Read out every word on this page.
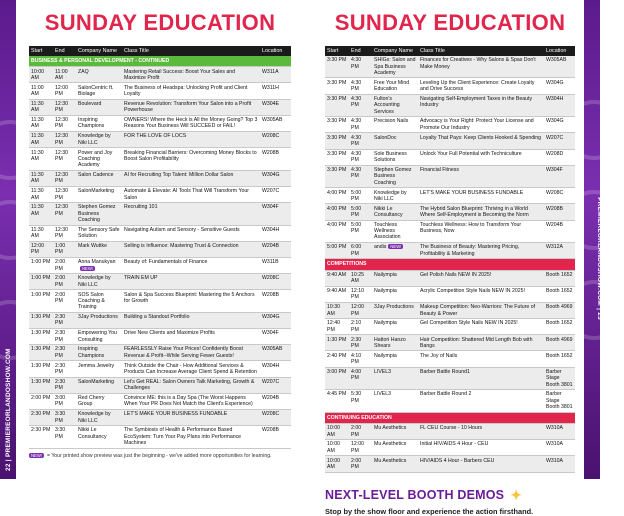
22 | PREMIEREORLANDOSHOW.COM
PREMIEREORLANDOSHOW.COM | 23
SUNDAY EDUCATION
Start	End	Company Name	Class Title	Location
BUSINESS & PERSONAL DEVELOPMENT - CONTINUED				
10:00 AM	11:00 AM	ZAQ	Mastering Retail Success: Boost Your Sales and Maximize Profit	W311A
11:00 AM	12:00 PM	SalonCentric ft. Biolage	The Business of Headspa: Unlocking Profit and Client Loyalty	W311H
11:30 AM	12:30 PM	Boulevard	Revenue Revolution: Transform Your Salon into a Profit Powerhouse	W304E
11:30 AM	12:30 PM	Inspiring Champions	OWNERS! Where the Heck is All the Money Going? Top 3 Reasons Your Business Will SUCCEED or FAIL!	W305AB
11:30 AM	12:30 PM	Knowledge by Niki LLC	FOR THE LOVE OF LOCS	W208C
11:30 AM	12:30 PM	Power and Joy Coaching Academy	Breaking Financial Barriers: Overcoming Money Blocks to Boost Salon Profitability	W208B
11:30 AM	12:30 PM	Salon Cadence	AI for Recruiting Top Talent: Million Dollar Salon	W304G
11:30 AM	12:30 PM	SalonMarketing	Automate & Elevate: AI Tools That Will Transform Your Salon	W207C
11:30 AM	12:30 PM	Stephen Gomez Business Coaching	Recruiting 101	W304F
11:30 AM	12:30 PM	The Sensory Safe Solution	Navigating Autism and Sensory - Sensitive Guests	W304H
12:00 PM	1:00 PM	Mark Wuttke	Selling is Influence: Mastering Trust & Connection	W204B
1:00 PM	2:00 PM	Anna ManukyanNEW!	Beauty of: Fundamentals of Finance	W311B
1:00 PM	2:00 PM	Knowledge by Niki LLC	TRAIN EM UP	W208C
1:00 PM	2:00 PM	SOS Salon Coaching & Training	Salon & Spa Success Blueprint: Mastering the 5 Anchors for Growth	W208B
1:30 PM	2:30 PM	3Jay Productions	Building a Standout Portfolio	W304G
1:30 PM	2:30 PM	Empowering You Consulting	Drive New Clients and Maximize Profits	W304F
1:30 PM	2:30 PM	Inspiring Champions	FEARLESSLY Raise Your Prices! Confidently Boost Revenue & Profit--While Serving Fewer Guests!	W305AB
1:30 PM	2:30 PM	Jemma Jewelry	Think Outside the Chair - How Additional Services & Products Can Increase Average Client Spend & Retention	W304H
1:30 PM	2:30 PM	SalonMarketing	Let's Get REAL: Salon Owners Talk Marketing, Growth & Challenges	W207C
2:00 PM	3:00 PM	Red Cherry Group	Convince ME: this is a Day Spa (The Worst Happens When Your PR Does Not Match the Client's Experience)	W204B
2:30 PM	3:30 PM	Knowledge by Niki LLC	LET'S MAKE YOUR BUSINESS FUNDABLE	W208C
2:30 PM	3:30 PM	Nikki Le Consultancy	The Symbiosis of Health & Performance Based EcoSystem: Turn Your Pay Plans into Performance Machines	W208B
NEW! = Your printed show preview was just the beginning - we've added more opportunities for learning.
SUNDAY EDUCATION
Start	End	Company Name	Class Title	Location
3:30 PM	4:30 PM	SHIGs: Salon and Spa Business Academy	Finances for Creatives - Why Salons & Spas Don't Make Money	W305AB
3:30 PM	4:30 PM	Free Your Mind Education	Leveling Up the Client Experience: Create Loyalty and Drive Success	W304G
3:30 PM	4:30 PM	Fulton's Accounting Services	Navigating Self-Employment Taxes in the Beauty Industry	W304H
3:30 PM	4:30 PM	Precision Nails	Advocacy is Your Right: Protect Your License and Promote Our Industry	W304G
3:30 PM	4:30 PM	SalonDoc	Loyalty That Pays: Keep Clients Hooked & Spending	W207C
3:30 PM	4:30 PM	Sole Business Solutions	Unlock Your Full Potential with Techniculture	W208D
3:30 PM	4:30 PM	Stephen Gomez Business Coaching	Financial Fitness	W304F
4:00 PM	5:00 PM	Knowledge by Niki LLC	LET'S MAKE YOUR BUSINESS FUNDABLE	W208C
4:00 PM	5:00 PM	Nikki Le Consultancy	The Hybrid Salon Blueprint: Thriving in a World Where Self-Employment is Becoming the Norm	W208B
4:00 PM	5:00 PM	Touchless Wellness Association	Touchless Wellness: How to Transform Your Business, Now	W204B
5:00 PM	6:00 PM	andis NEW!	The Business of Beauty: Mastering Pricing, Profitability & Marketing	W312A
COMPETITIONS				
9:40 AM	10:25 AM	Nailympia	Gel Polish Nails NEW IN 2025!	Booth 1652
9:40 AM	12:10 PM	Nailympia	Acrylic Competition Style Nails NEW IN 2025!	Booth 1652
10:30 AM	12:00 PM	3Jay Productions	Makeup Competition: Neo-Warriors: The Future of Beauty & Power	Booth 4969
12:40 PM	2:10 PM	Nailympia	Gel Competition Style Nails NEW IN 2025!	Booth 1652
1:30 PM	2:30 PM	Hattori Hanzo Shears	Hair Competition: Shattered Mid Length Bob with Bangs	Booth 4969
2:40 PM	4:10 PM	Nailympia	The Joy of Nails	Booth 1652
3:00 PM	4:00 PM	LIVEL3	Barber Battle Round1	Barber Stage Booth 3801
4:45 PM	5:30 PM	LIVEL3	Barber Battle Round 2	Barber Stage Booth 3801
CONTINUING EDUCATION				
10:00 AM	2:00 PM	Mu Aesthetics	FL CEU Course - 10 Hours	W310A
10:00 AM	12:00 PM	Mu Aesthetics	Initial HIV/AIDS 4 Hour - CEU	W310A
10:00 AM	2:00 PM	Mu Aesthetics	HIV/AIDS 4 Hour - Barbers CEU	W310A
NEXT-LEVEL BOOTH DEMOS ✦
Stop by the show floor and experience the action firsthand.
